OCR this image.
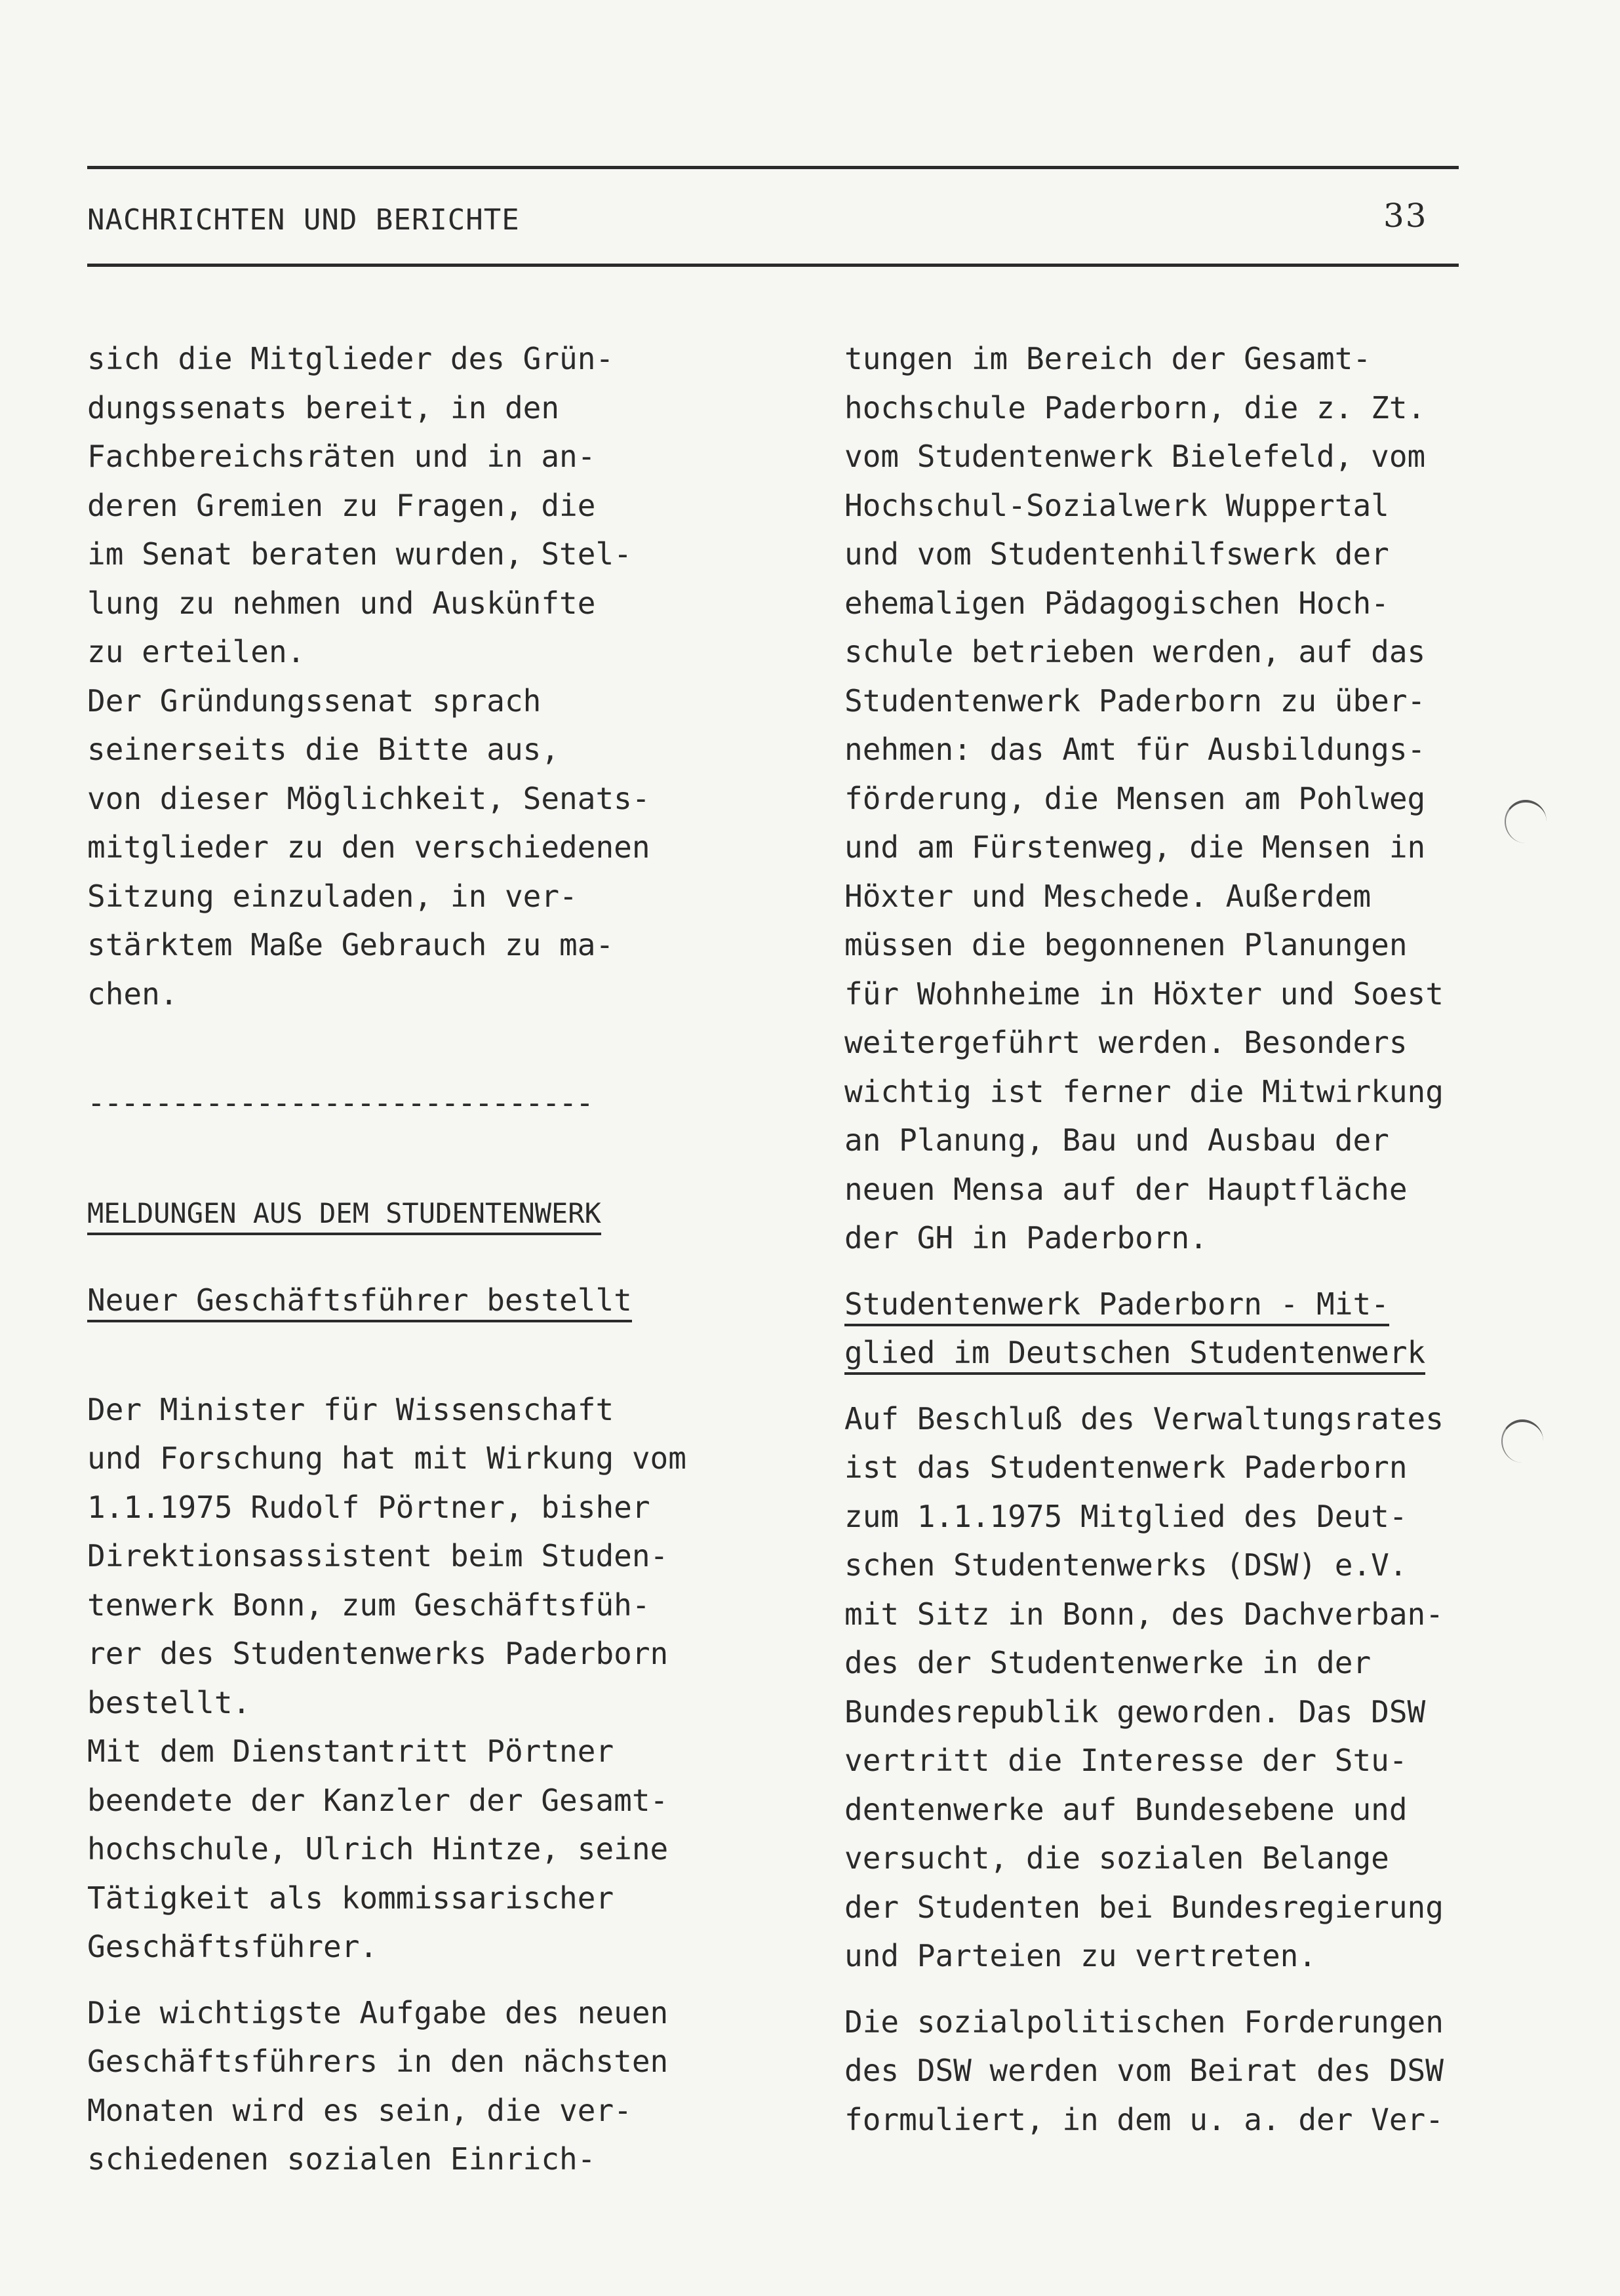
NACHRICHTEN UND BERICHTE	33
sich die Mitglieder des Grün-
dungssenats bereit, in den
Fachbereichsräten und in an-
deren Gremien zu Fragen, die
im Senat beraten wurden, Stel-
lung zu nehmen und Auskünfte
zu erteilen.
Der Gründungssenat sprach
seinerseits die Bitte aus,
von dieser Möglichkeit, Senats-
mitglieder zu den verschiedenen
Sitzung einzuladen, in ver-
stärktem Maße Gebrauch zu ma-
chen.
------------------------------
MELDUNGEN AUS DEM STUDENTENWERK
Neuer Geschäftsführer bestellt
Der Minister für Wissenschaft
und Forschung hat mit Wirkung vom
1.1.1975 Rudolf Pörtner, bisher
Direktionsassistent beim Studen-
tenwerk Bonn, zum Geschäftsfüh-
rer des Studentenwerks Paderborn
bestellt.
Mit dem Dienstantritt Pörtner
beendete der Kanzler der Gesamt-
hochschule, Ulrich Hintze, seine
Tätigkeit als kommissarischer
Geschäftsführer.
Die wichtigste Aufgabe des neuen
Geschäftsführers in den nächsten
Monaten wird es sein, die ver-
schiedenen sozialen Einrich-
tungen im Bereich der Gesamt-
hochschule Paderborn, die z. Zt.
vom Studentenwerk Bielefeld, vom
Hochschul-Sozialwerk Wuppertal
und vom Studentenhilfswerk der
ehemaligen Pädagogischen Hoch-
schule betrieben werden, auf das
Studentenwerk Paderborn zu über-
nehmen: das Amt für Ausbildungs-
förderung, die Mensen am Pohlweg
und am Fürstenweg, die Mensen in
Höxter und Meschede. Außerdem
müssen die begonnenen Planungen
für Wohnheime in Höxter und Soest
weitergeführt werden. Besonders
wichtig ist ferner die Mitwirkung
an Planung, Bau und Ausbau der
neuen Mensa auf der Hauptfläche
der GH in Paderborn.
Studentenwerk Paderborn - Mit-
glied im Deutschen Studentenwerk
Auf Beschluß des Verwaltungsrates
ist das Studentenwerk Paderborn
zum 1.1.1975 Mitglied des Deut-
schen Studentenwerks (DSW) e.V.
mit Sitz in Bonn, des Dachverban-
des der Studentenwerke in der
Bundesrepublik geworden. Das DSW
vertritt die Interesse der Stu-
dentenwerke auf Bundesebene und
versucht, die sozialen Belange
der Studenten bei Bundesregierung
und Parteien zu vertreten.
Die sozialpolitischen Forderungen
des DSW werden vom Beirat des DSW
formuliert, in dem u. a. der Ver-
